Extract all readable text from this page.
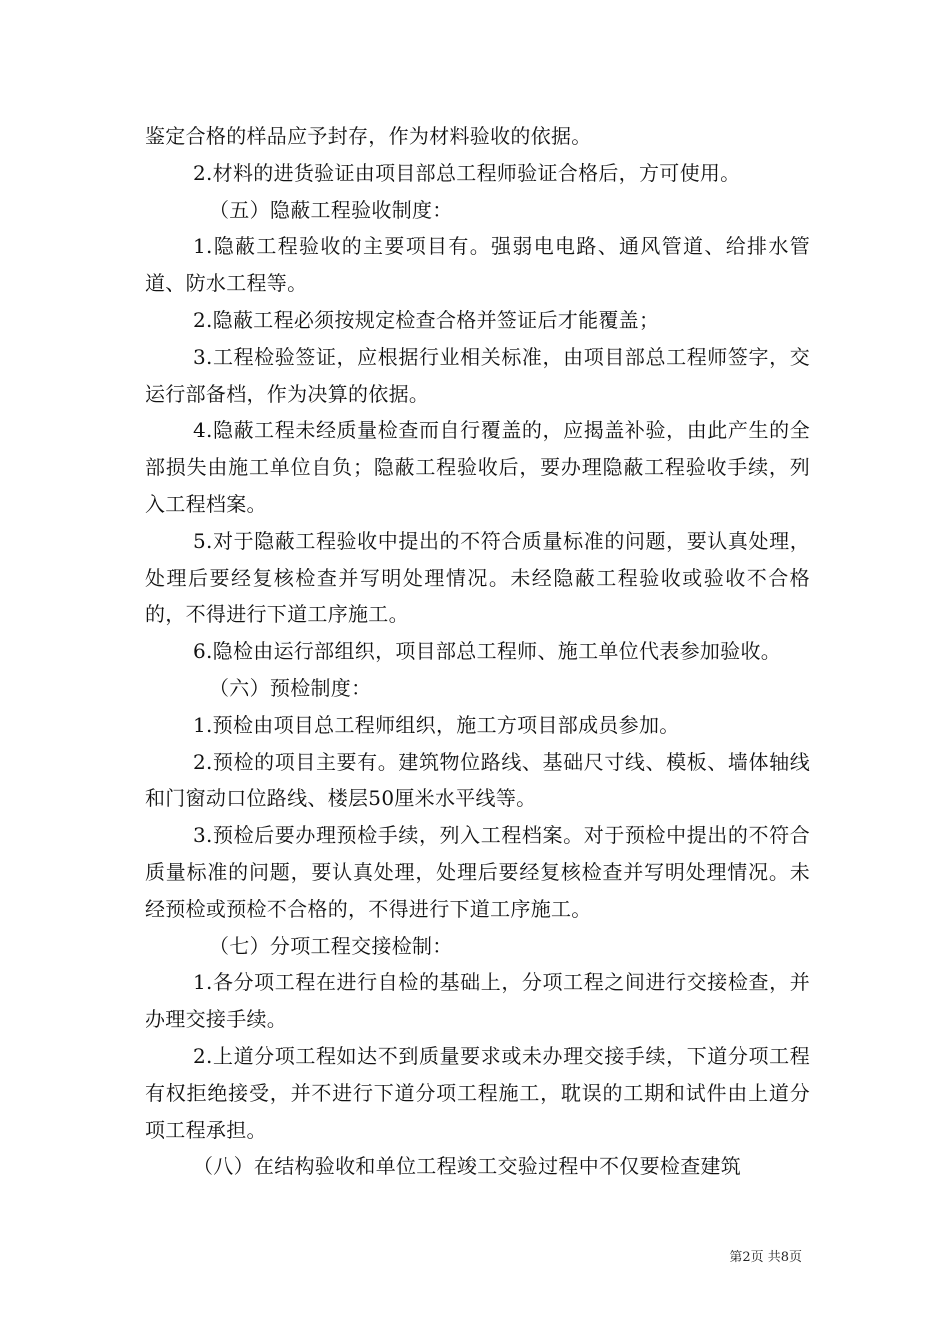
鉴定合格的样品应予封存，作为材料验收的依据。

2.材料的进货验证由项目部总工程师验证合格后，方可使用。

（五）隐蔽工程验收制度：

1.隐蔽工程验收的主要项目有。强弱电电路、通风管道、给排水管道、防水工程等。

2.隐蔽工程必须按规定检查合格并签证后才能覆盖；

3.工程检验签证，应根据行业相关标准，由项目部总工程师签字，交运行部备档，作为决算的依据。

4.隐蔽工程未经质量检查而自行覆盖的，应揭盖补验，由此产生的全部损失由施工单位自负；隐蔽工程验收后，要办理隐蔽工程验收手续，列入工程档案。

5.对于隐蔽工程验收中提出的不符合质量标准的问题，要认真处理，处理后要经复核检查并写明处理情况。未经隐蔽工程验收或验收不合格的，不得进行下道工序施工。

6.隐检由运行部组织，项目部总工程师、施工单位代表参加验收。

（六）预检制度：

1.预检由项目总工程师组织，施工方项目部成员参加。

2.预检的项目主要有。建筑物位路线、基础尺寸线、模板、墙体轴线和门窗动口位路线、楼层50厘米水平线等。

3.预检后要办理预检手续，列入工程档案。对于预检中提出的不符合质量标准的问题，要认真处理，处理后要经复核检查并写明处理情况。未经预检或预检不合格的，不得进行下道工序施工。

（七）分项工程交接检制：

1.各分项工程在进行自检的基础上，分项工程之间进行交接检查，并办理交接手续。

2.上道分项工程如达不到质量要求或未办理交接手续，下道分项工程有权拒绝接受，并不进行下道分项工程施工，耽误的工期和试件由上道分项工程承担。

（八）在结构验收和单位工程竣工交验过程中不仅要检查建筑

第2页 共8页
